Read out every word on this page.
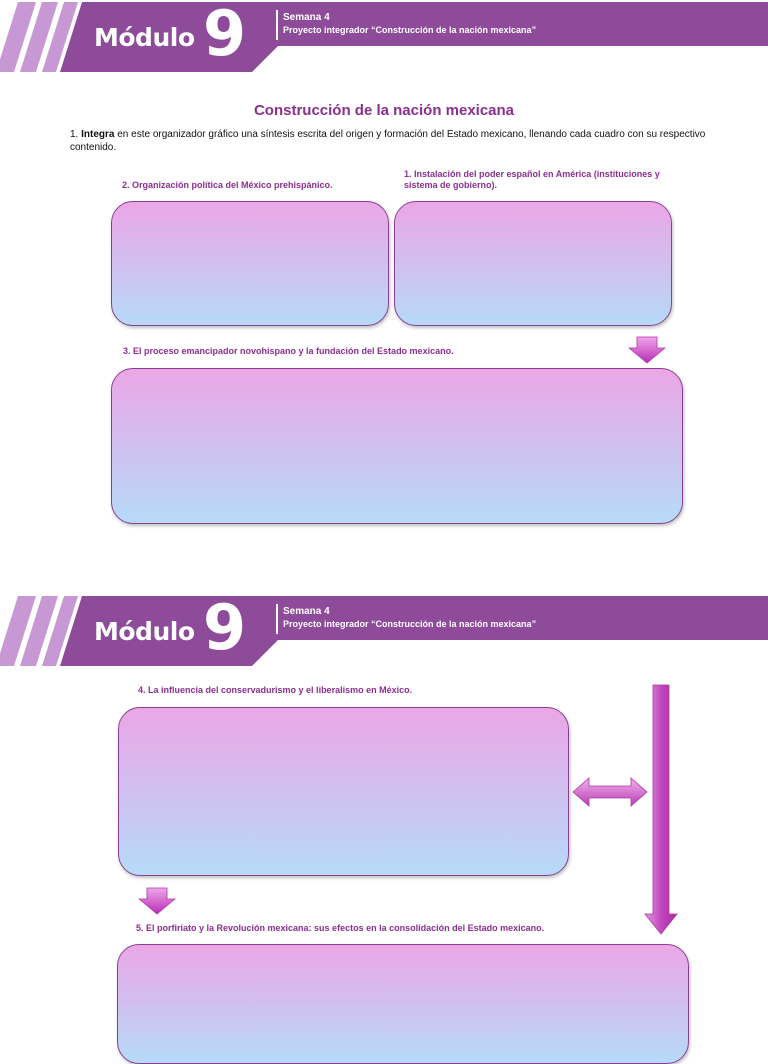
Módulo 9	Semana 4
Proyecto integrador “Construcción de la nación mexicana”
Construcción de la nación mexicana
1. Integra en este organizador gráfico una síntesis escrita del origen y formación del Estado mexicano, llenando cada cuadro con su respectivo contenido.
2. Organización política del México prehispánico.
1. Instalación del poder español en América (instituciones y sistema de gobierno).
3. El proceso emancipador novohispano y la fundación del Estado mexicano.
Módulo 9	Semana 4
Proyecto integrador “Construcción de la nación mexicana”
4. La influencia del conservadurismo y el liberalismo en México.
5. El porfiriato y la Revolución mexicana: sus efectos en la consolidación del Estado mexicano.
